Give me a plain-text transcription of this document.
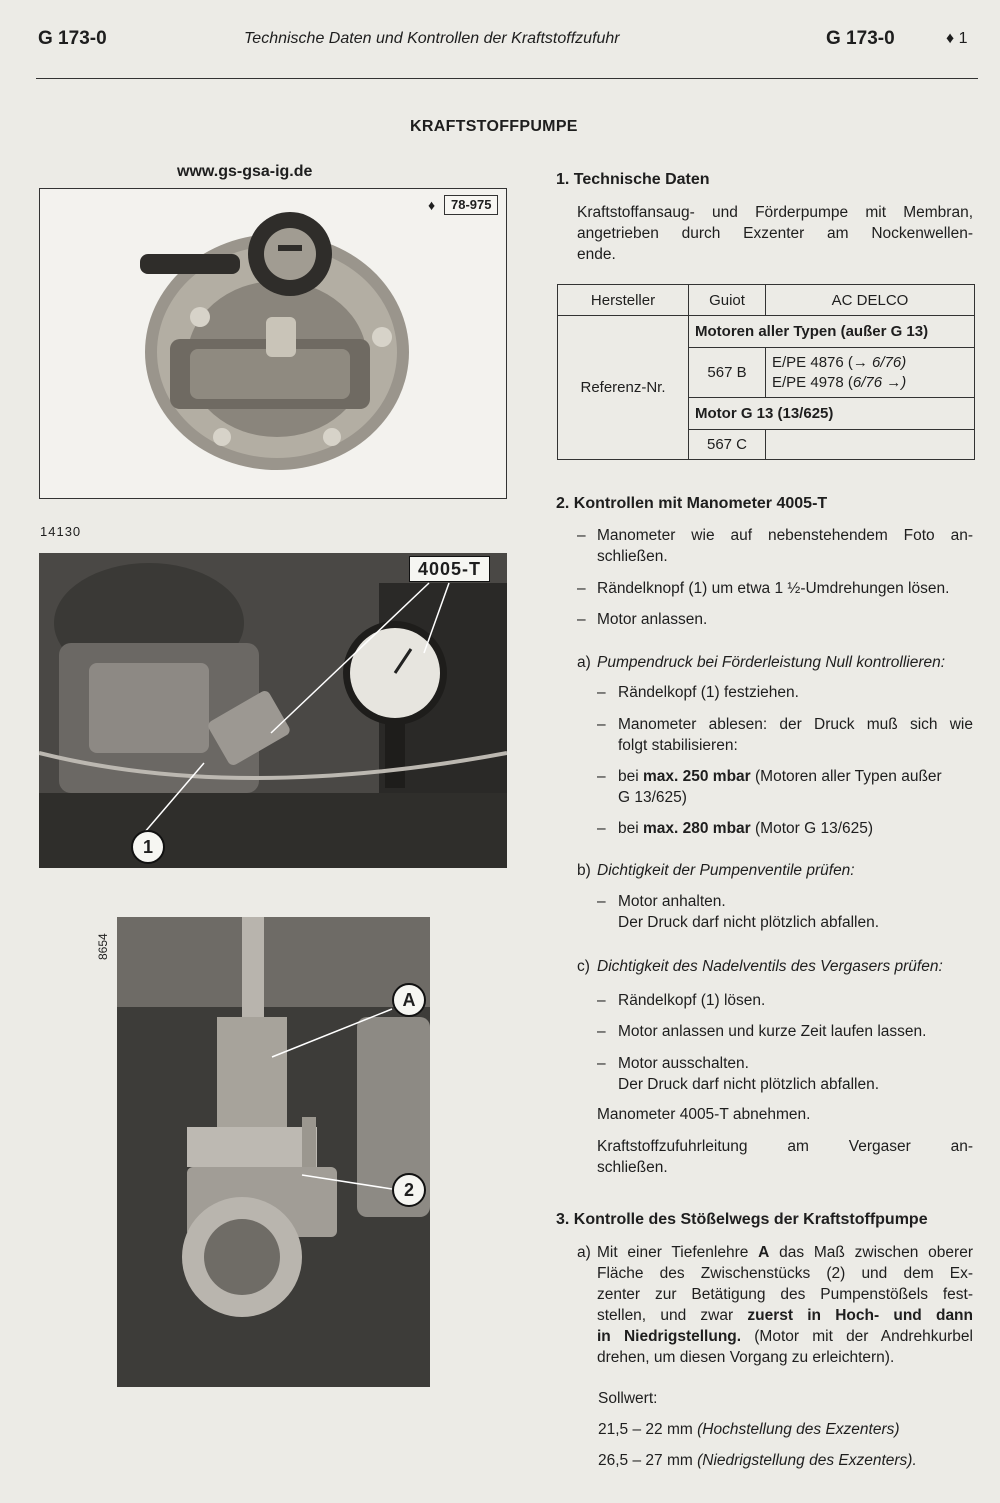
G 173-0	Technische Daten und Kontrollen der Kraftstoffzufuhr	G 173-0	♦ 1
KRAFTSTOFFPUMPE
www.gs-gsa-ig.de
♦	78-975
14130
4005-T
1
8654
A
2
1. Technische Daten
Kraftstoffansaug- und Förderpumpe mit Membran,
angetrieben durch Exzenter am Nockenwellen-
ende.
Hersteller	Guiot	AC DELCO
Referenz-Nr.	Motoren aller Typen (außer G 13)	
	567 B	E/PE 4876 (→ 6/76)
E/PE 4978 (6/76 →)

	Motor G 13 (13/625)	
	567 C	
2. Kontrollen mit Manometer 4005-T
– Manometer wie auf nebenstehendem Foto an-
schließen.
– Rändelknopf (1) um etwa 1 ½-Umdrehungen lösen.
– Motor anlassen.
a) Pumpendruck bei Förderleistung Null kontrollieren:
– Rändelkopf (1) festziehen.
– Manometer ablesen: der Druck muß sich wie
folgt stabilisieren:
– bei max. 250 mbar (Motoren aller Typen außer
G 13/625)
– bei max. 280 mbar (Motor G 13/625)
b) Dichtigkeit der Pumpenventile prüfen:
– Motor anhalten.
Der Druck darf nicht plötzlich abfallen.
c) Dichtigkeit des Nadelventils des Vergasers prüfen:
– Rändelkopf (1) lösen.
– Motor anlassen und kurze Zeit laufen lassen.
– Motor ausschalten.
Der Druck darf nicht plötzlich abfallen.
Manometer 4005-T abnehmen.
Kraftstoffzufuhrleitung am Vergaser an-
schließen.
3. Kontrolle des Stößelwegs der Kraftstoffpumpe
a) Mit einer Tiefenlehre A das Maß zwischen oberer
Fläche des Zwischenstücks (2) und dem Ex-
zenter zur Betätigung des Pumpenstößels fest-
stellen, und zwar zuerst in Hoch- und dann
in Niedrigstellung. (Motor mit der Andrehkurbel
drehen, um diesen Vorgang zu erleichtern).
Sollwert:
21,5 – 22 mm (Hochstellung des Exzenters)
26,5 – 27 mm (Niedrigstellung des Exzenters).
